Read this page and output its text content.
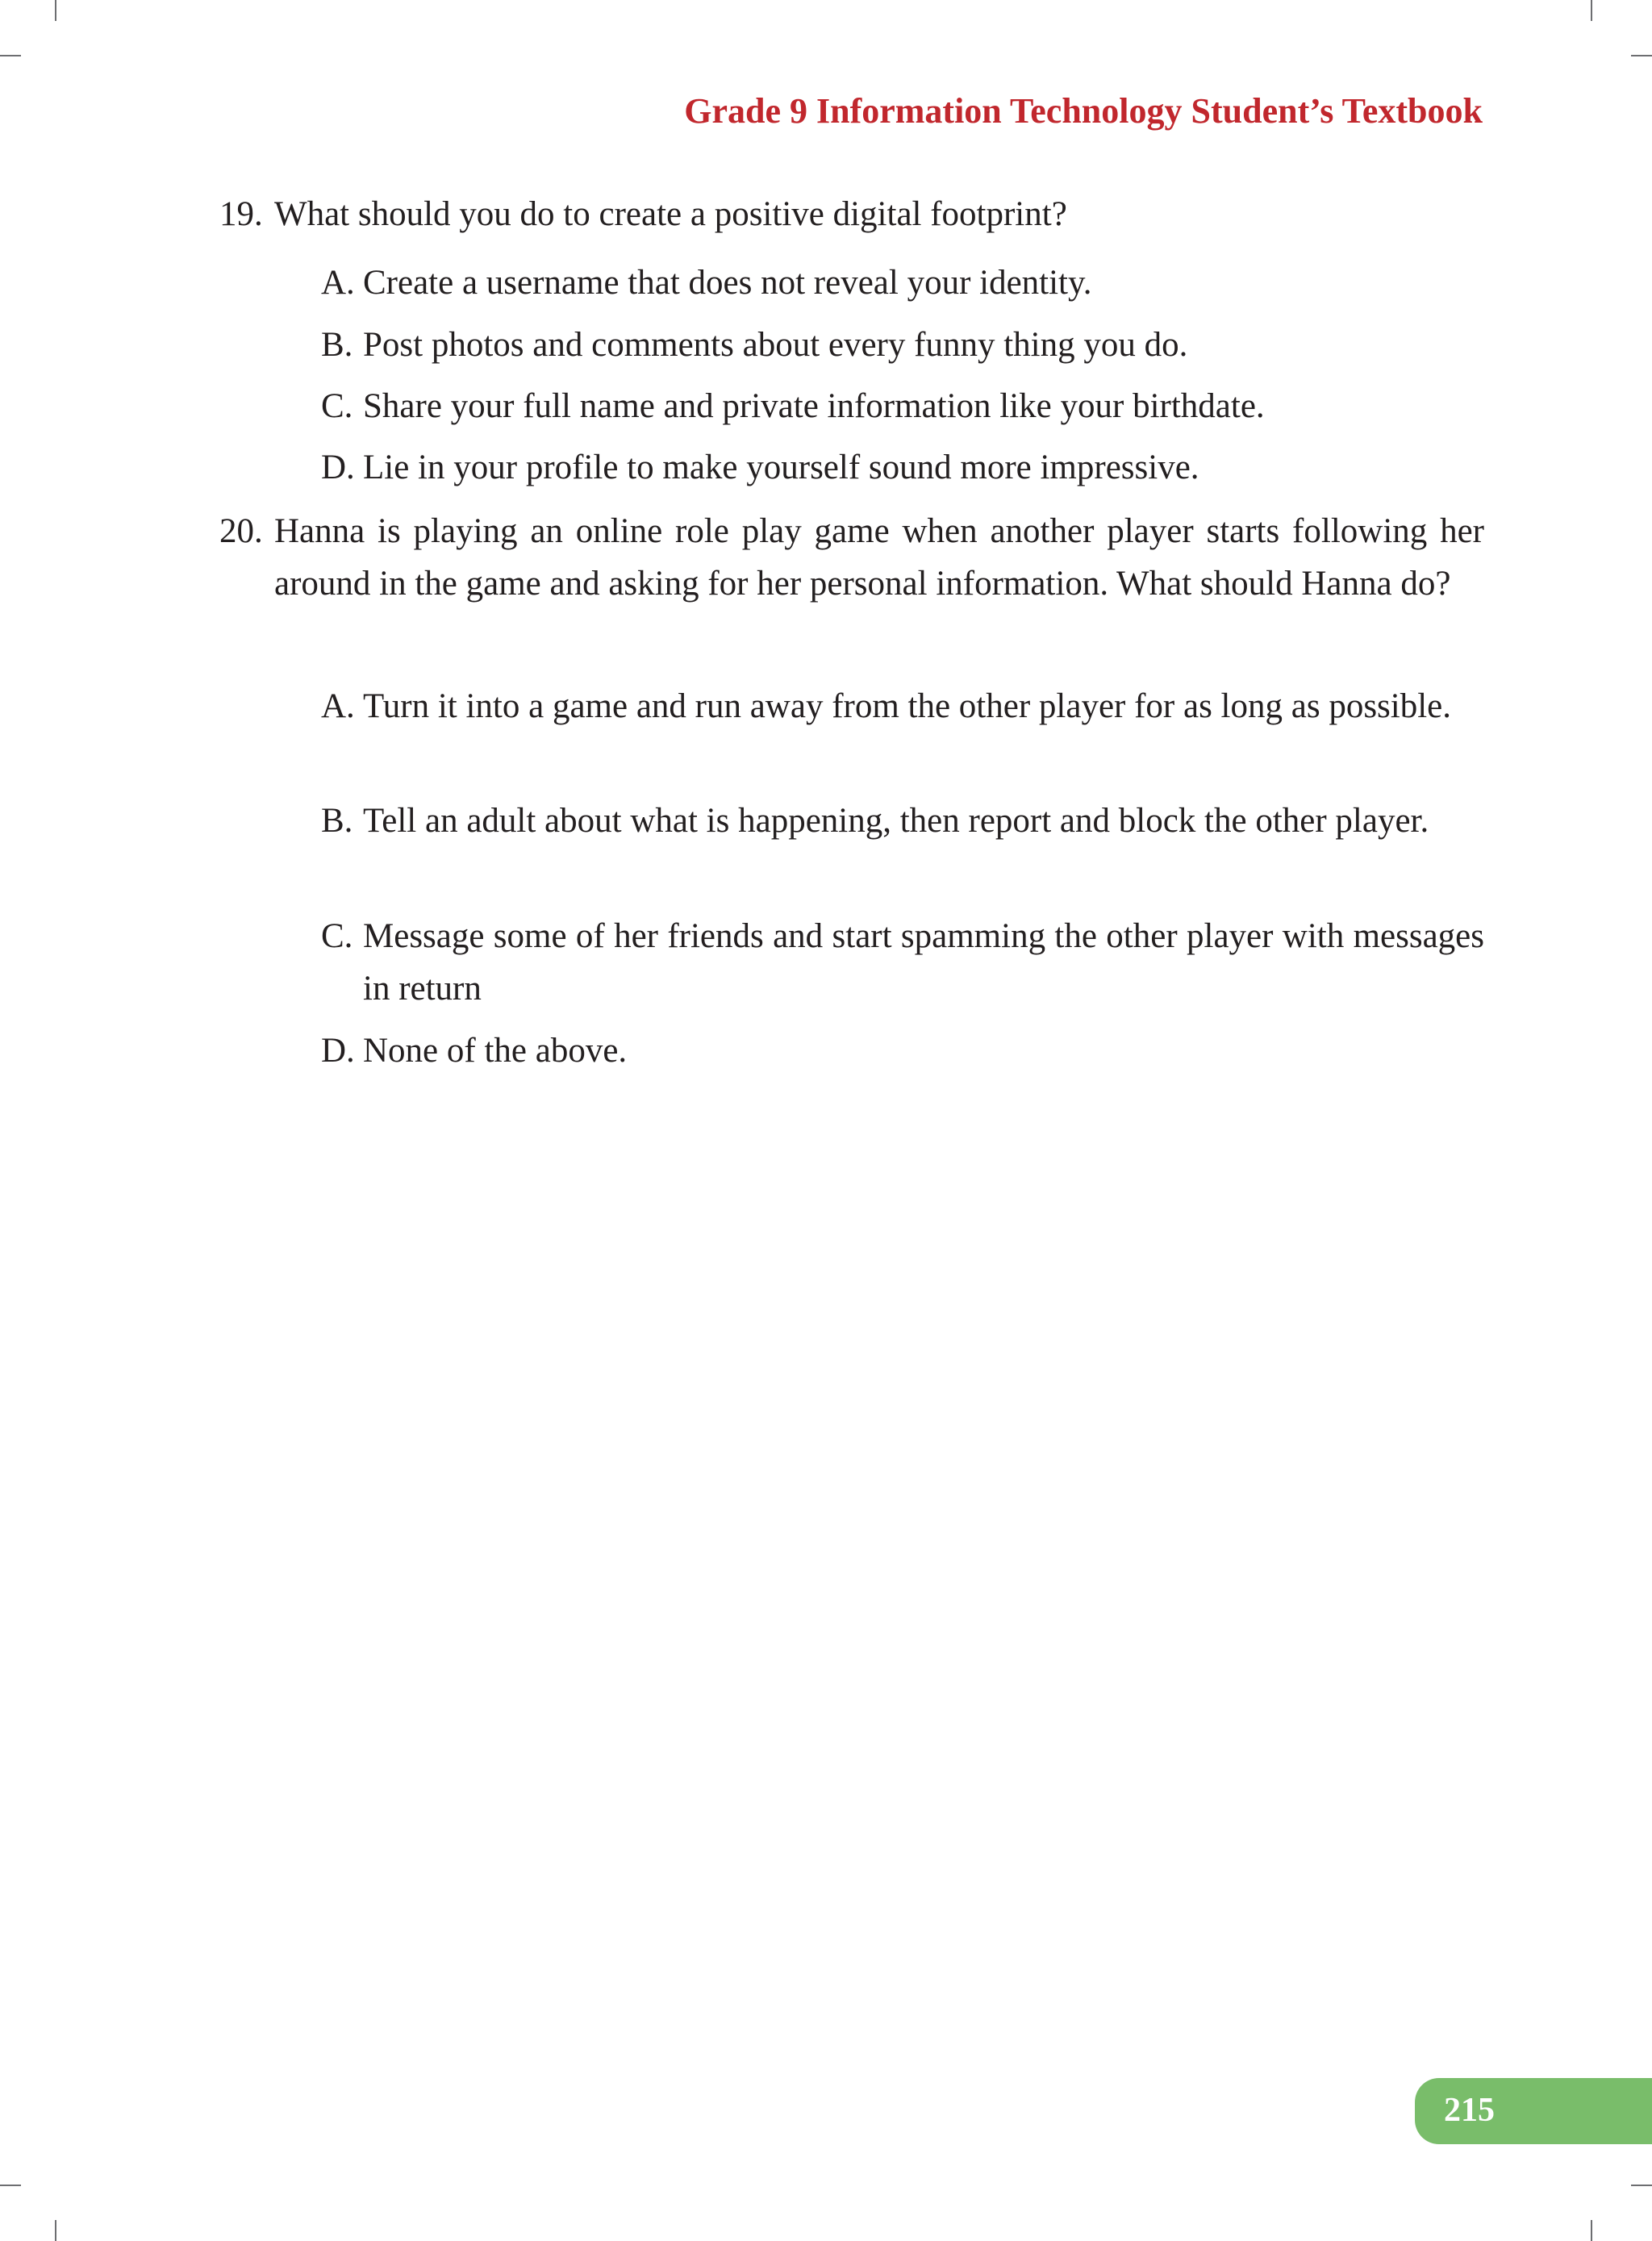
Grade 9 Information Technology Student’s Textbook
19. What should you do to create a positive digital footprint?
A. Create a username that does not reveal your identity.
B. Post photos and comments about every funny thing you do.
C. Share your full name and private information like your birthdate.
D. Lie in your profile to make yourself sound more impressive.
20. Hanna is playing an online role play game when another player starts following her around in the game and asking for her personal information. What should Hanna do?
A. Turn it into a game and run away from the other player for as long as possible.
B. Tell an adult about what is happening, then report and block the other player.
C. Message some of her friends and start spamming the other player with messages in return
D. None of the above.
215
